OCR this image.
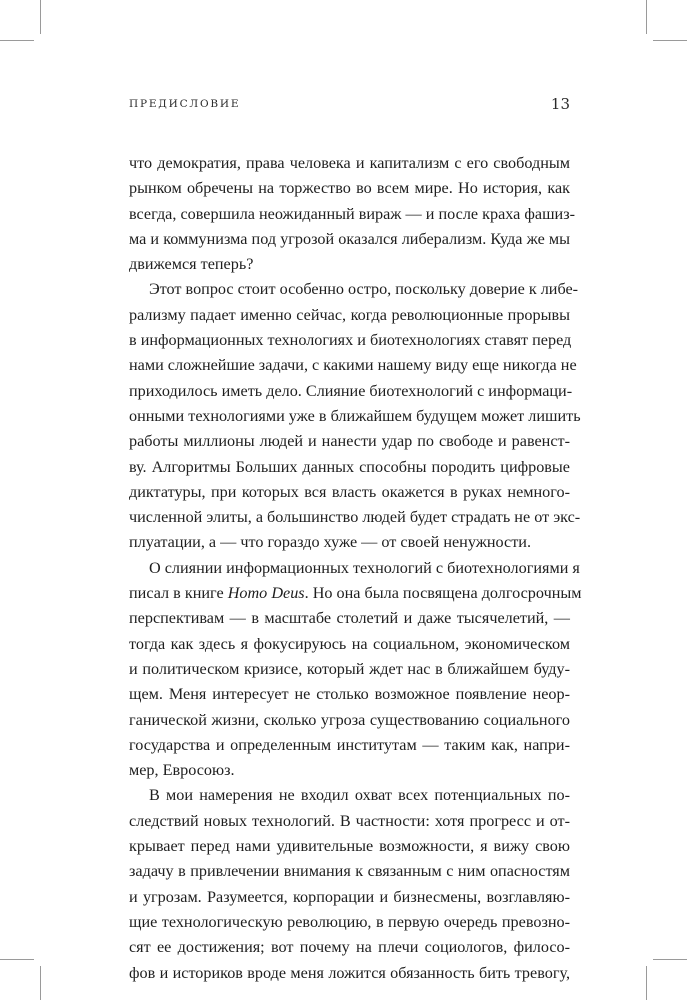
ПРЕДИСЛОВИЕ	13
что демократия, права человека и капитализм с его свободным
рынком обречены на торжество во всем мире. Но история, как
всегда, совершила неожиданный вираж — и после краха фашиз-
ма и коммунизма под угрозой оказался либерализм. Куда же мы
движемся теперь?
Этот вопрос стоит особенно остро, поскольку доверие к либе-
рализму падает именно сейчас, когда революционные прорывы
в информационных технологиях и биотехнологиях ставят перед
нами сложнейшие задачи, с какими нашему виду еще никогда не
приходилось иметь дело. Слияние биотехнологий с информаци-
онными технологиями уже в ближайшем будущем может лишить
работы миллионы людей и нанести удар по свободе и равенст-
ву. Алгоритмы Больших данных способны породить цифровые
диктатуры, при которых вся власть окажется в руках немного-
численной элиты, а большинство людей будет страдать не от экс-
плуатации, а — что гораздо хуже — от своей ненужности.
О слиянии информационных технологий с биотехнологиями я
писал в книге Homo Deus. Но она была посвящена долгосрочным
перспективам — в масштабе столетий и даже тысячелетий, —
тогда как здесь я фокусируюсь на социальном, экономическом
и политическом кризисе, который ждет нас в ближайшем буду-
щем. Меня интересует не столько возможное появление неор-
ганической жизни, сколько угроза существованию социального
государства и определенным институтам — таким как, напри-
мер, Евросоюз.
В мои намерения не входил охват всех потенциальных по-
следствий новых технологий. В частности: хотя прогресс и от-
крывает перед нами удивительные возможности, я вижу свою
задачу в привлечении внимания к связанным с ним опасностям
и угрозам. Разумеется, корпорации и бизнесмены, возглавляю-
щие технологическую революцию, в первую очередь превозно-
сят ее достижения; вот почему на плечи социологов, филосо-
фов и историков вроде меня ложится обязанность бить тревогу,
